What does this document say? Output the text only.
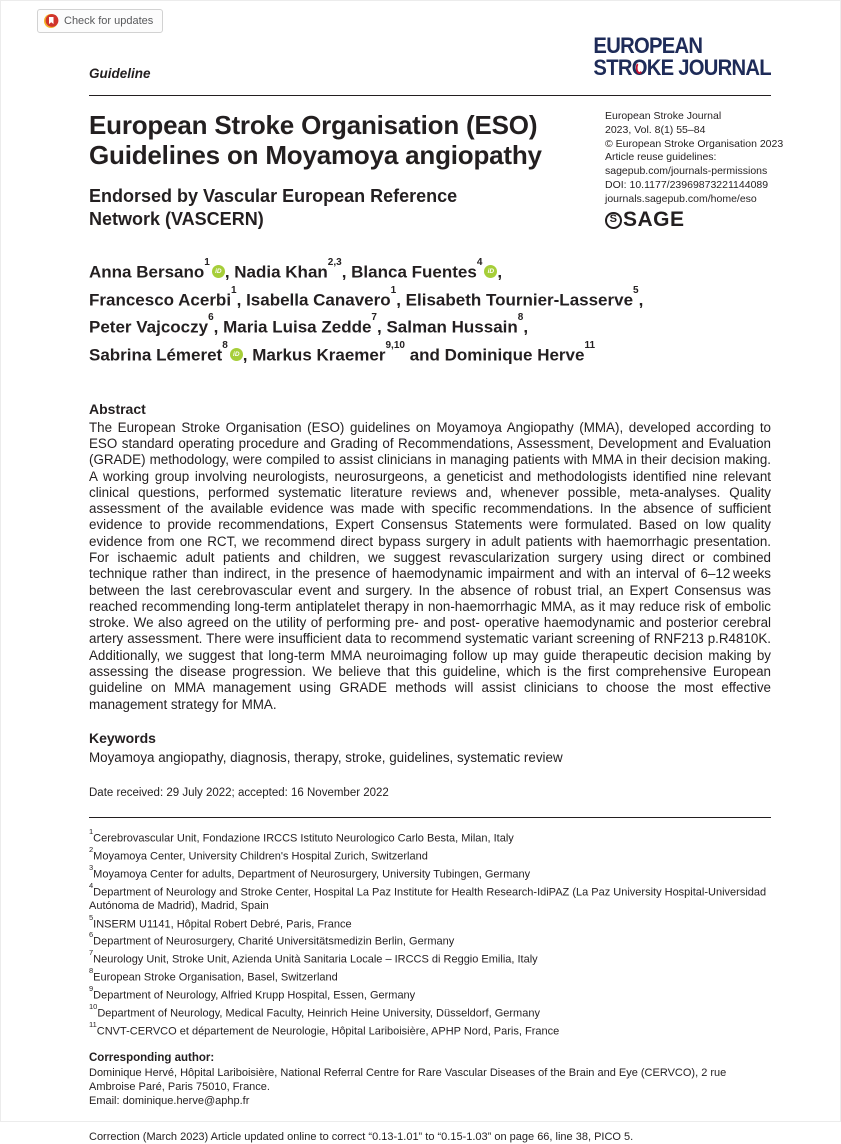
Check for updates
Guideline
EUROPEAN
STRO
KE JOURNAL
European Stroke Organisation (ESO) Guidelines on Moyamoya angiopathy
Endorsed by Vascular European Reference Network (VASCERN)
European Stroke Journal
2023, Vol. 8(1) 55–84
© European Stroke Organisation 2023
Article reuse guidelines:
sagepub.com/journals-permissions
DOI: 10.1177/23969873221144089
journals.sagepub.com/home/eso
S SAGE
Anna Bersano$^1$iD , Nadia Khan$^{2,3}$, Blanca Fuentes$^4$iD ,
Francesco Acerbi$^1$, Isabella Canavero$^1$, Elisabeth Tournier-Lasserve$^5$,
Peter Vajcoczy$^6$, Maria Luisa Zedde$^7$, Salman Hussain$^8$,
Sabrina Lémeret$^8$iD , Markus Kraemer$^{9,10}$ and Dominique Herve$^{11}$
Abstract
The European Stroke Organisation (ESO) guidelines on Moyamoya Angiopathy (MMA), developed according to ESO standard operating procedure and Grading of Recommendations, Assessment, Development and Evaluation (GRADE) methodology, were compiled to assist clinicians in managing patients with MMA in their decision making. A working group involving neurologists, neurosurgeons, a geneticist and methodologists identified nine relevant clinical questions, performed systematic literature reviews and, whenever possible, meta-analyses. Quality assessment of the available evidence was made with specific recommendations. In the absence of sufficient evidence to provide recommendations, Expert Consensus Statements were formulated. Based on low quality evidence from one RCT, we recommend direct bypass surgery in adult patients with haemorrhagic presentation. For ischaemic adult patients and children, we suggest revascularization surgery using direct or combined technique rather than indirect, in the presence of haemodynamic impairment and with an interval of 6–12 weeks between the last cerebrovascular event and surgery. In the absence of robust trial, an Expert Consensus was reached recommending long-term antiplatelet therapy in non-haemorrhagic MMA, as it may reduce risk of embolic stroke. We also agreed on the utility of performing pre- and post- operative haemodynamic and posterior cerebral artery assessment. There were insufficient data to recommend systematic variant screening of RNF213 p.R4810K. Additionally, we suggest that long-term MMA neuroimaging follow up may guide therapeutic decision making by assessing the disease progression. We believe that this guideline, which is the first comprehensive European guideline on MMA management using GRADE methods will assist clinicians to choose the most effective management strategy for MMA.
Keywords
Moyamoya angiopathy, diagnosis, therapy, stroke, guidelines, systematic review
Date received: 29 July 2022; accepted: 16 November 2022
$^1$Cerebrovascular Unit, Fondazione IRCCS Istituto Neurologico Carlo Besta, Milan, Italy
$^2$Moyamoya Center, University Children's Hospital Zurich, Switzerland
$^3$Moyamoya Center for adults, Department of Neurosurgery, University Tubingen, Germany
$^4$Department of Neurology and Stroke Center, Hospital La Paz Institute for Health Research-IdiPAZ (La Paz University Hospital-Universidad Autónoma de Madrid), Madrid, Spain
$^5$INSERM U1141, Hôpital Robert Debré, Paris, France
$^6$Department of Neurosurgery, Charité Universitätsmedizin Berlin, Germany
$^7$Neurology Unit, Stroke Unit, Azienda Unità Sanitaria Locale – IRCCS di Reggio Emilia, Italy
$^8$European Stroke Organisation, Basel, Switzerland
$^9$Department of Neurology, Alfried Krupp Hospital, Essen, Germany
$^{10}$Department of Neurology, Medical Faculty, Heinrich Heine University, Düsseldorf, Germany
$^{11}$CNVT-CERVCO et département de Neurologie, Hôpital Lariboisière, APHP Nord, Paris, France
Corresponding author:
Dominique Hervé, Hôpital Lariboisière, National Referral Centre for Rare Vascular Diseases of the Brain and Eye (CERVCO), 2 rue Ambroise Paré, Paris 75010, France.
Email: dominique.herve@aphp.fr
Correction (March 2023) Article updated online to correct “0.13-1.01” to “0.15-1.03” on page 66, line 38, PICO 5.
